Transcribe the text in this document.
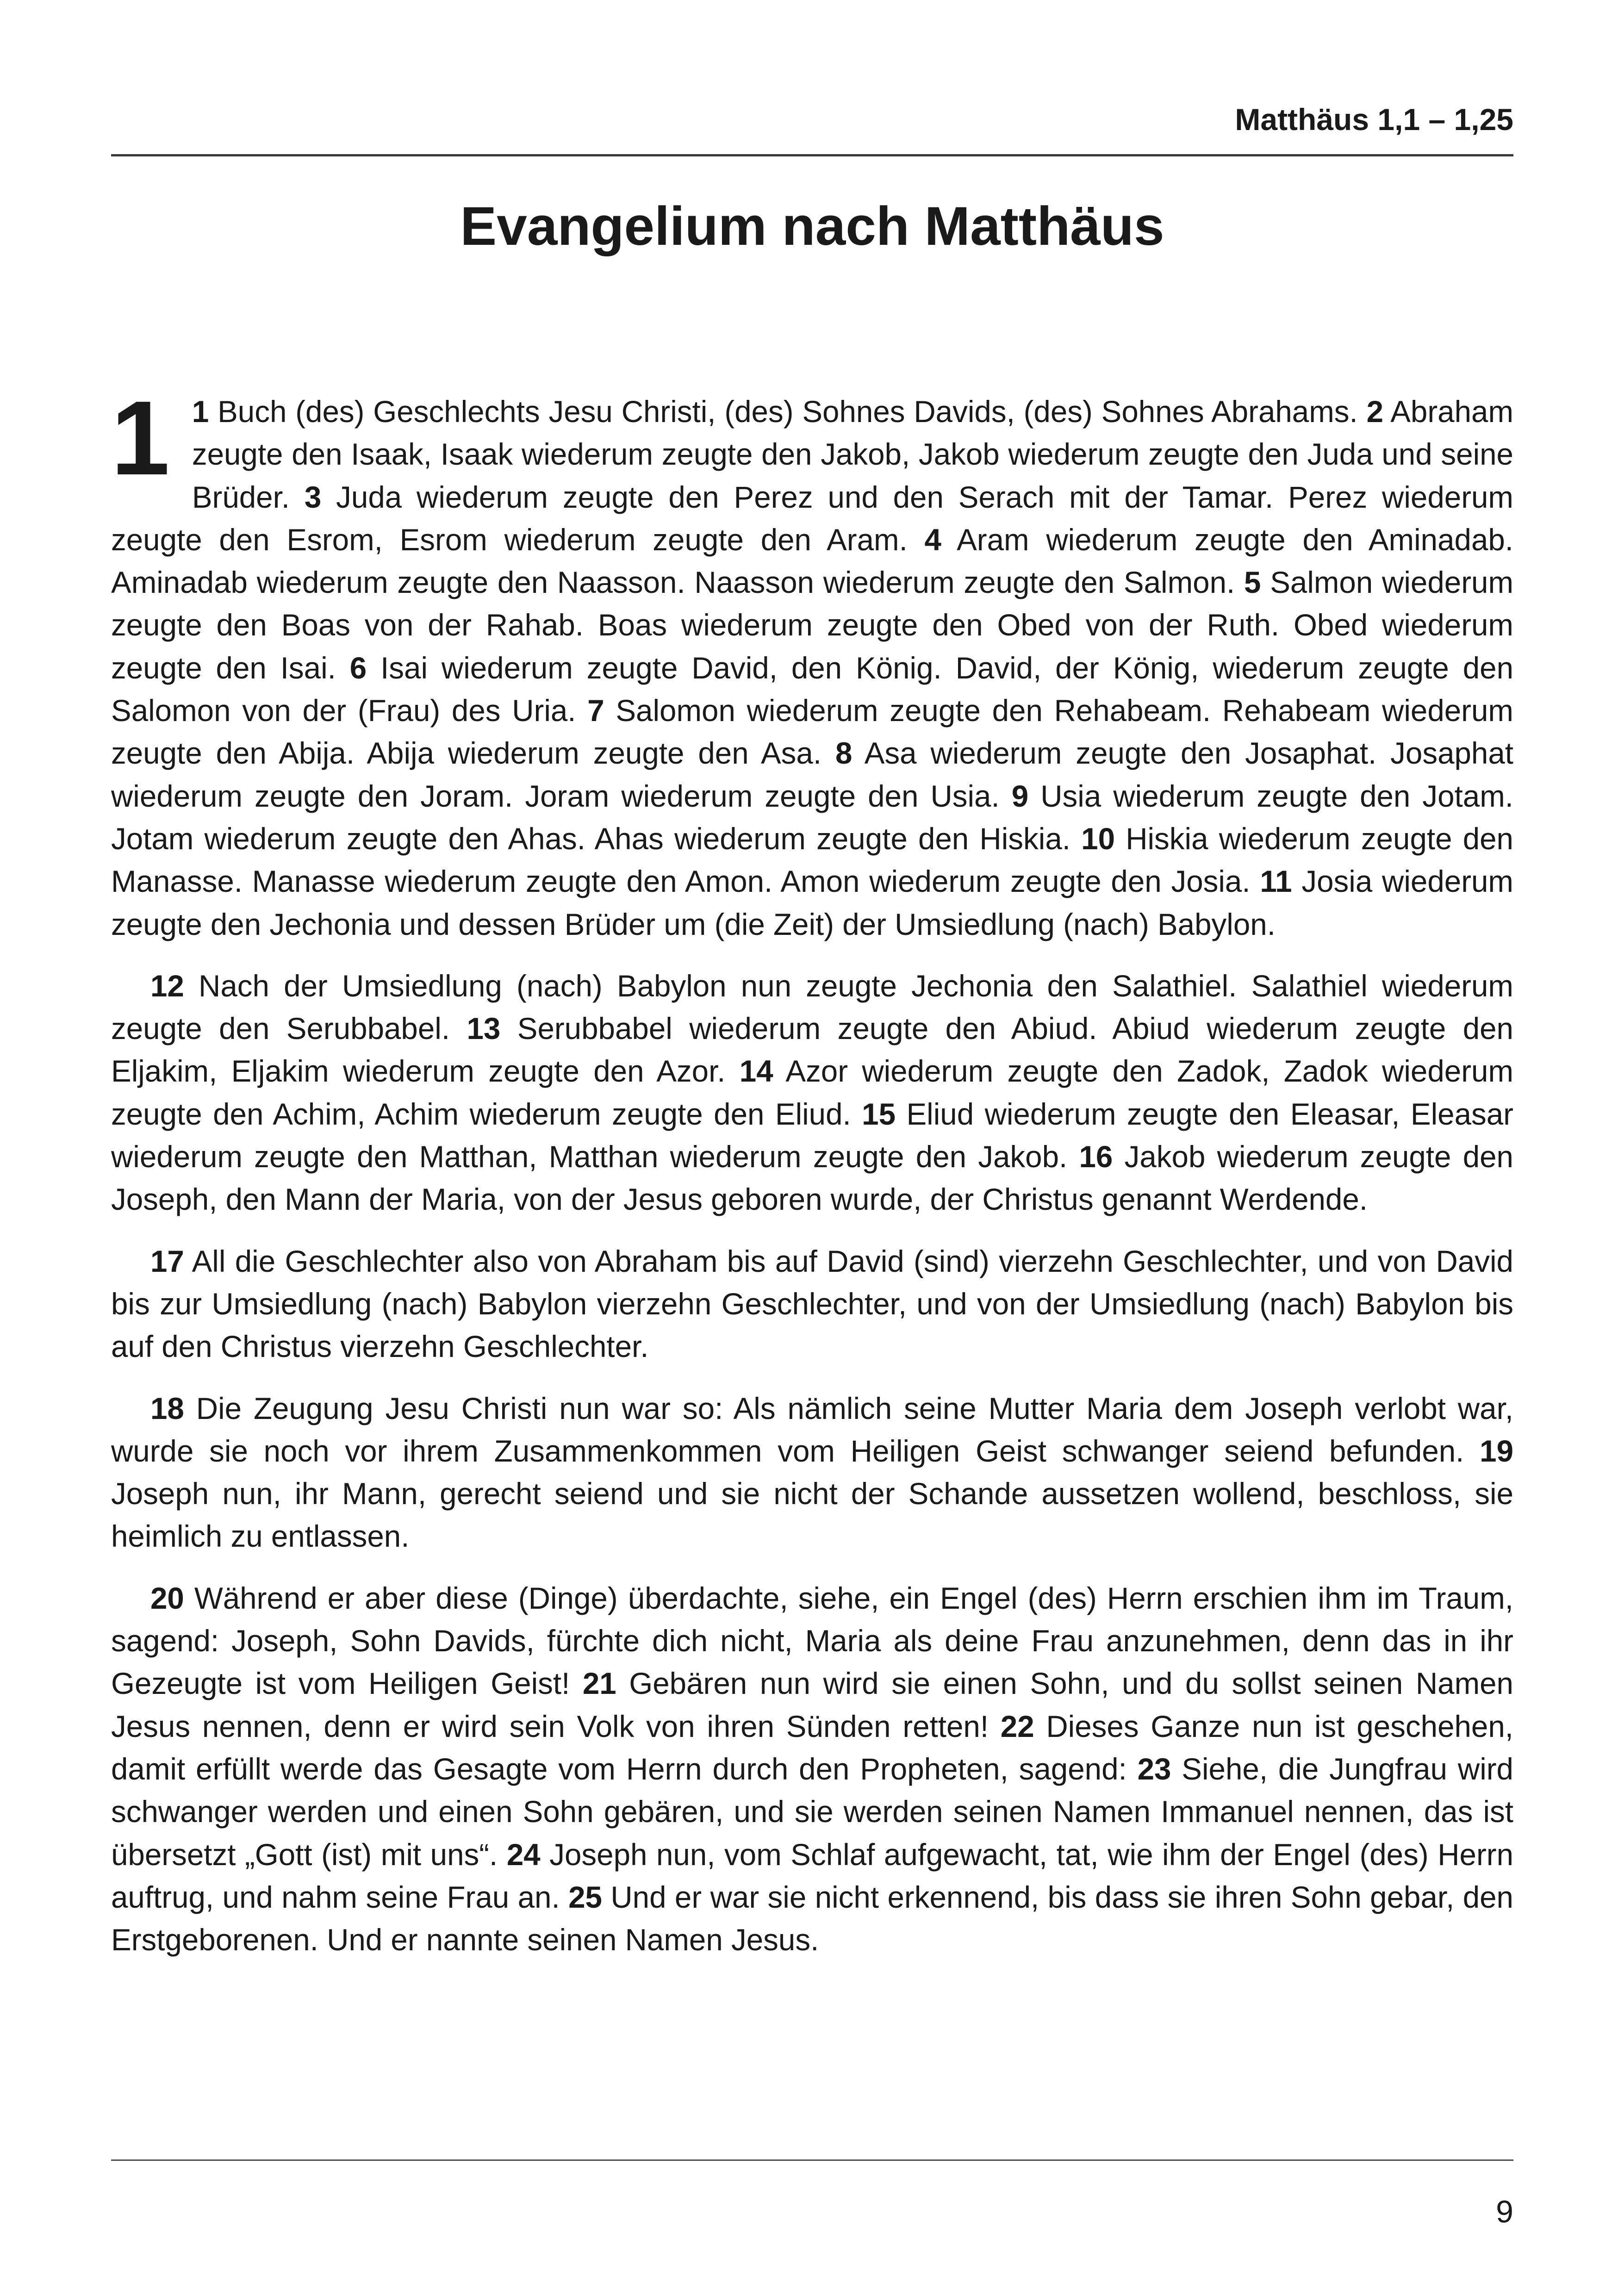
Matthäus 1,1 – 1,25
Evangelium nach Matthäus
1 1 Buch (des) Geschlechts Jesu Christi, (des) Sohnes Davids, (des) Sohnes Abrahams. 2 Abraham zeugte den Isaak, Isaak wiederum zeugte den Jakob, Jakob wiederum zeugte den Juda und seine Brüder. 3 Juda wiederum zeugte den Perez und den Serach mit der Tamar. Perez wiederum zeugte den Esrom, Esrom wiederum zeugte den Aram. 4 Aram wiederum zeugte den Aminadab. Aminadab wiederum zeugte den Naasson. Naasson wiederum zeugte den Salmon. 5 Salmon wiederum zeugte den Boas von der Rahab. Boas wiederum zeugte den Obed von der Ruth. Obed wiederum zeugte den Isai. 6 Isai wiederum zeugte David, den König. David, der König, wiederum zeugte den Salomon von der (Frau) des Uria. 7 Salomon wiederum zeugte den Rehabeam. Rehabeam wiederum zeugte den Abija. Abija wiederum zeugte den Asa. 8 Asa wiederum zeugte den Josaphat. Josaphat wiederum zeugte den Joram. Joram wiederum zeugte den Usia. 9 Usia wiederum zeugte den Jotam. Jotam wiederum zeugte den Ahas. Ahas wiederum zeugte den Hiskia. 10 Hiskia wiederum zeugte den Manasse. Manasse wiederum zeugte den Amon. Amon wiederum zeugte den Josia. 11 Josia wiederum zeugte den Jechonia und dessen Brüder um (die Zeit) der Umsiedlung (nach) Babylon.

12 Nach der Umsiedlung (nach) Babylon nun zeugte Jechonia den Salathiel. Salathiel wiederum zeugte den Serubbabel. 13 Serubbabel wiederum zeugte den Abiud. Abiud wiederum zeugte den Eljakim, Eljakim wiederum zeugte den Azor. 14 Azor wiederum zeugte den Zadok, Zadok wiederum zeugte den Achim, Achim wiederum zeugte den Eliud. 15 Eliud wiederum zeugte den Eleasar, Eleasar wiederum zeugte den Matthan, Matthan wiederum zeugte den Jakob. 16 Jakob wiederum zeugte den Joseph, den Mann der Maria, von der Jesus geboren wurde, der Christus genannt Werdende.

17 All die Geschlechter also von Abraham bis auf David (sind) vierzehn Geschlechter, und von David bis zur Umsiedlung (nach) Babylon vierzehn Geschlechter, und von der Umsiedlung (nach) Babylon bis auf den Christus vierzehn Geschlechter.

18 Die Zeugung Jesu Christi nun war so: Als nämlich seine Mutter Maria dem Joseph verlobt war, wurde sie noch vor ihrem Zusammenkommen vom Heiligen Geist schwanger seiend befunden. 19 Joseph nun, ihr Mann, gerecht seiend und sie nicht der Schande aussetzen wollend, beschloss, sie heimlich zu entlassen.

20 Während er aber diese (Dinge) überdachte, siehe, ein Engel (des) Herrn erschien ihm im Traum, sagend: Joseph, Sohn Davids, fürchte dich nicht, Maria als deine Frau anzunehmen, denn das in ihr Gezeugte ist vom Heiligen Geist! 21 Gebären nun wird sie einen Sohn, und du sollst seinen Namen Jesus nennen, denn er wird sein Volk von ihren Sünden retten! 22 Dieses Ganze nun ist geschehen, damit erfüllt werde das Gesagte vom Herrn durch den Propheten, sagend: 23 Siehe, die Jungfrau wird schwanger werden und einen Sohn gebären, und sie werden seinen Namen Immanuel nennen, das ist übersetzt „Gott (ist) mit uns“. 24 Joseph nun, vom Schlaf aufgewacht, tat, wie ihm der Engel (des) Herrn auftrug, und nahm seine Frau an. 25 Und er war sie nicht erkennend, bis dass sie ihren Sohn gebar, den Erstgeborenen. Und er nannte seinen Namen Jesus.

9
